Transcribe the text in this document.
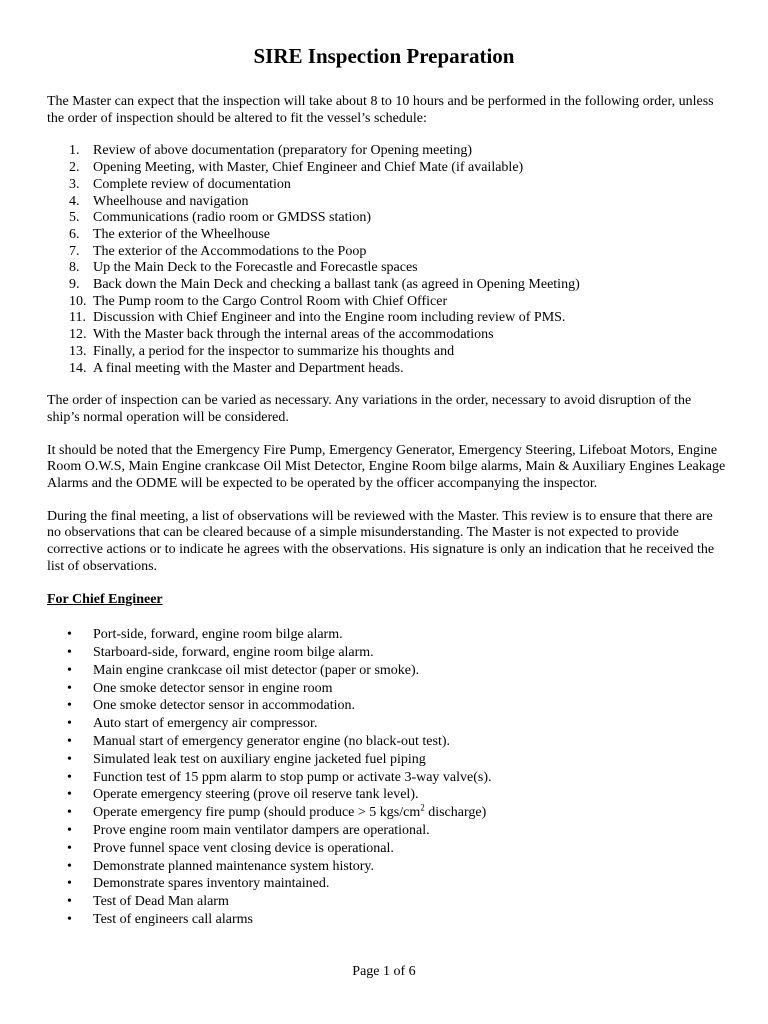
SIRE Inspection Preparation

The Master can expect that the inspection will take about 8 to 10 hours and be performed in the following order, unless the order of inspection should be altered to fit the vessel’s schedule:

1. Review of above documentation (preparatory for Opening meeting)
2. Opening Meeting, with Master, Chief Engineer and Chief Mate (if available)
3. Complete review of documentation
4. Wheelhouse and navigation
5. Communications (radio room or GMDSS station)
6. The exterior of the Wheelhouse
7. The exterior of the Accommodations to the Poop
8. Up the Main Deck to the Forecastle and Forecastle spaces
9. Back down the Main Deck and checking a ballast tank (as agreed in Opening Meeting)
10. The Pump room to the Cargo Control Room with Chief Officer
11. Discussion with Chief Engineer and into the Engine room including review of PMS.
12. With the Master back through the internal areas of the accommodations
13. Finally, a period for the inspector to summarize his thoughts and
14. A final meeting with the Master and Department heads.

The order of inspection can be varied as necessary. Any variations in the order, necessary to avoid disruption of the ship’s normal operation will be considered.

It should be noted that the Emergency Fire Pump, Emergency Generator, Emergency Steering, Lifeboat Motors, Engine Room O.W.S, Main Engine crankcase Oil Mist Detector, Engine Room bilge alarms, Main & Auxiliary Engines Leakage Alarms and the ODME will be expected to be operated by the officer accompanying the inspector.

During the final meeting, a list of observations will be reviewed with the Master. This review is to ensure that there are no observations that can be cleared because of a simple misunderstanding. The Master is not expected to provide corrective actions or to indicate he agrees with the observations. His signature is only an indication that he received the list of observations.

For Chief Engineer

•	Port-side, forward, engine room bilge alarm.
•	Starboard-side, forward, engine room bilge alarm.
•	Main engine crankcase oil mist detector (paper or smoke).
•	One smoke detector sensor in engine room
•	One smoke detector sensor in accommodation.
•	Auto start of emergency air compressor.
•	Manual start of emergency generator engine (no black-out test).
•	Simulated leak test on auxiliary engine jacketed fuel piping
•	Function test of 15 ppm alarm to stop pump or activate 3-way valve(s).
•	Operate emergency steering (prove oil reserve tank level).
•	Operate emergency fire pump (should produce > 5 kgs/$cm^2$ discharge)
•	Prove engine room main ventilator dampers are operational.
•	Prove funnel space vent closing device is operational.
•	Demonstrate planned maintenance system history.
•	Demonstrate spares inventory maintained.
•	Test of Dead Man alarm
•	Test of engineers call alarms
Page 1 of 6
